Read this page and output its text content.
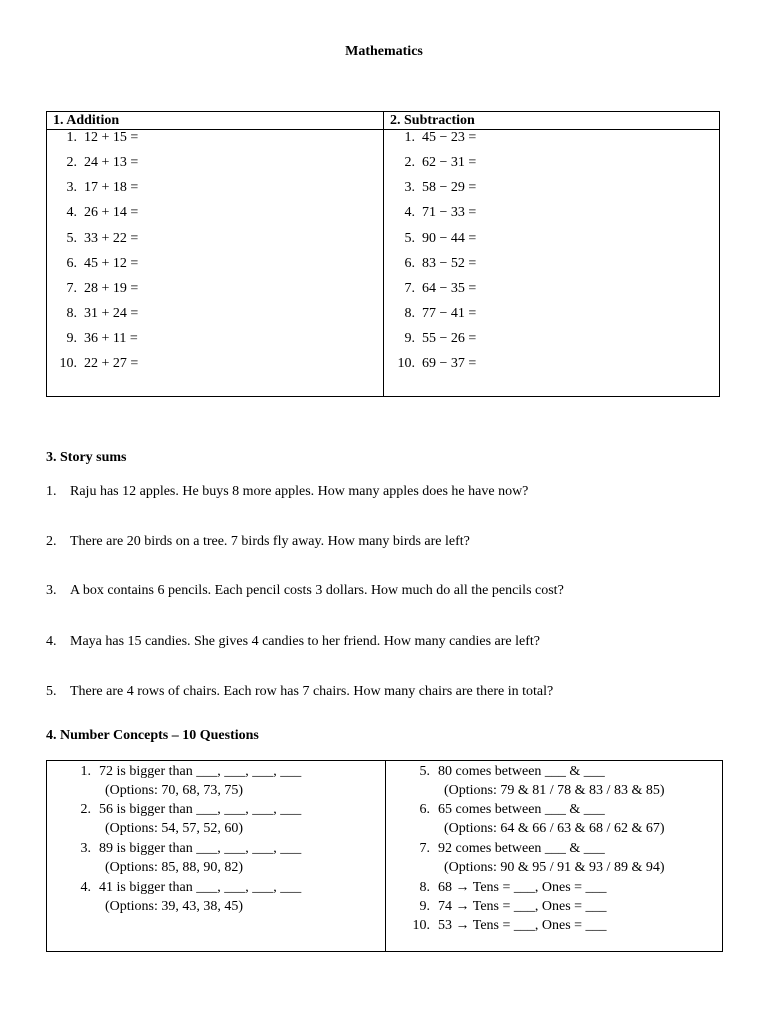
Mathematics
1. Addition	2. Subtraction
1. 12 + 15 =
2. 24 + 13 =
3. 17 + 18 =
4. 26 + 14 =
5. 33 + 22 =
6. 45 + 12 =
7. 28 + 19 =
8. 31 + 24 =
9. 36 + 11 =
10. 22 + 27 =
1. 45 − 23 =
2. 62 − 31 =
3. 58 − 29 =
4. 71 − 33 =
5. 90 − 44 =
6. 83 − 52 =
7. 64 − 35 =
8. 77 − 41 =
9. 55 − 26 =
10. 69 − 37 =
3. Story sums
1. Raju has 12 apples. He buys 8 more apples. How many apples does he have now?
2. There are 20 birds on a tree. 7 birds fly away. How many birds are left?
3. A box contains 6 pencils. Each pencil costs 3 dollars. How much do all the pencils cost?
4. Maya has 15 candies. She gives 4 candies to her friend. How many candies are left?
5. There are 4 rows of chairs. Each row has 7 chairs. How many chairs are there in total?
4. Number Concepts – 10 Questions
1. 72 is bigger than ___, ___, ___, ___
(Options: 70, 68, 73, 75)
2. 56 is bigger than ___, ___, ___, ___
(Options: 54, 57, 52, 60)
3. 89 is bigger than ___, ___, ___, ___
(Options: 85, 88, 90, 82)
4. 41 is bigger than ___, ___, ___, ___
(Options: 39, 43, 38, 45)
5. 80 comes between ___ & ___
(Options: 79 & 81 / 78 & 83 / 83 & 85)
6. 65 comes between ___ & ___
(Options: 64 & 66 / 63 & 68 / 62 & 67)
7. 92 comes between ___ & ___
(Options: 90 & 95 / 91 & 93 / 89 & 94)
8. 68 → Tens = ___, Ones = ___
9. 74 → Tens = ___, Ones = ___
10. 53 → Tens = ___, Ones = ___
